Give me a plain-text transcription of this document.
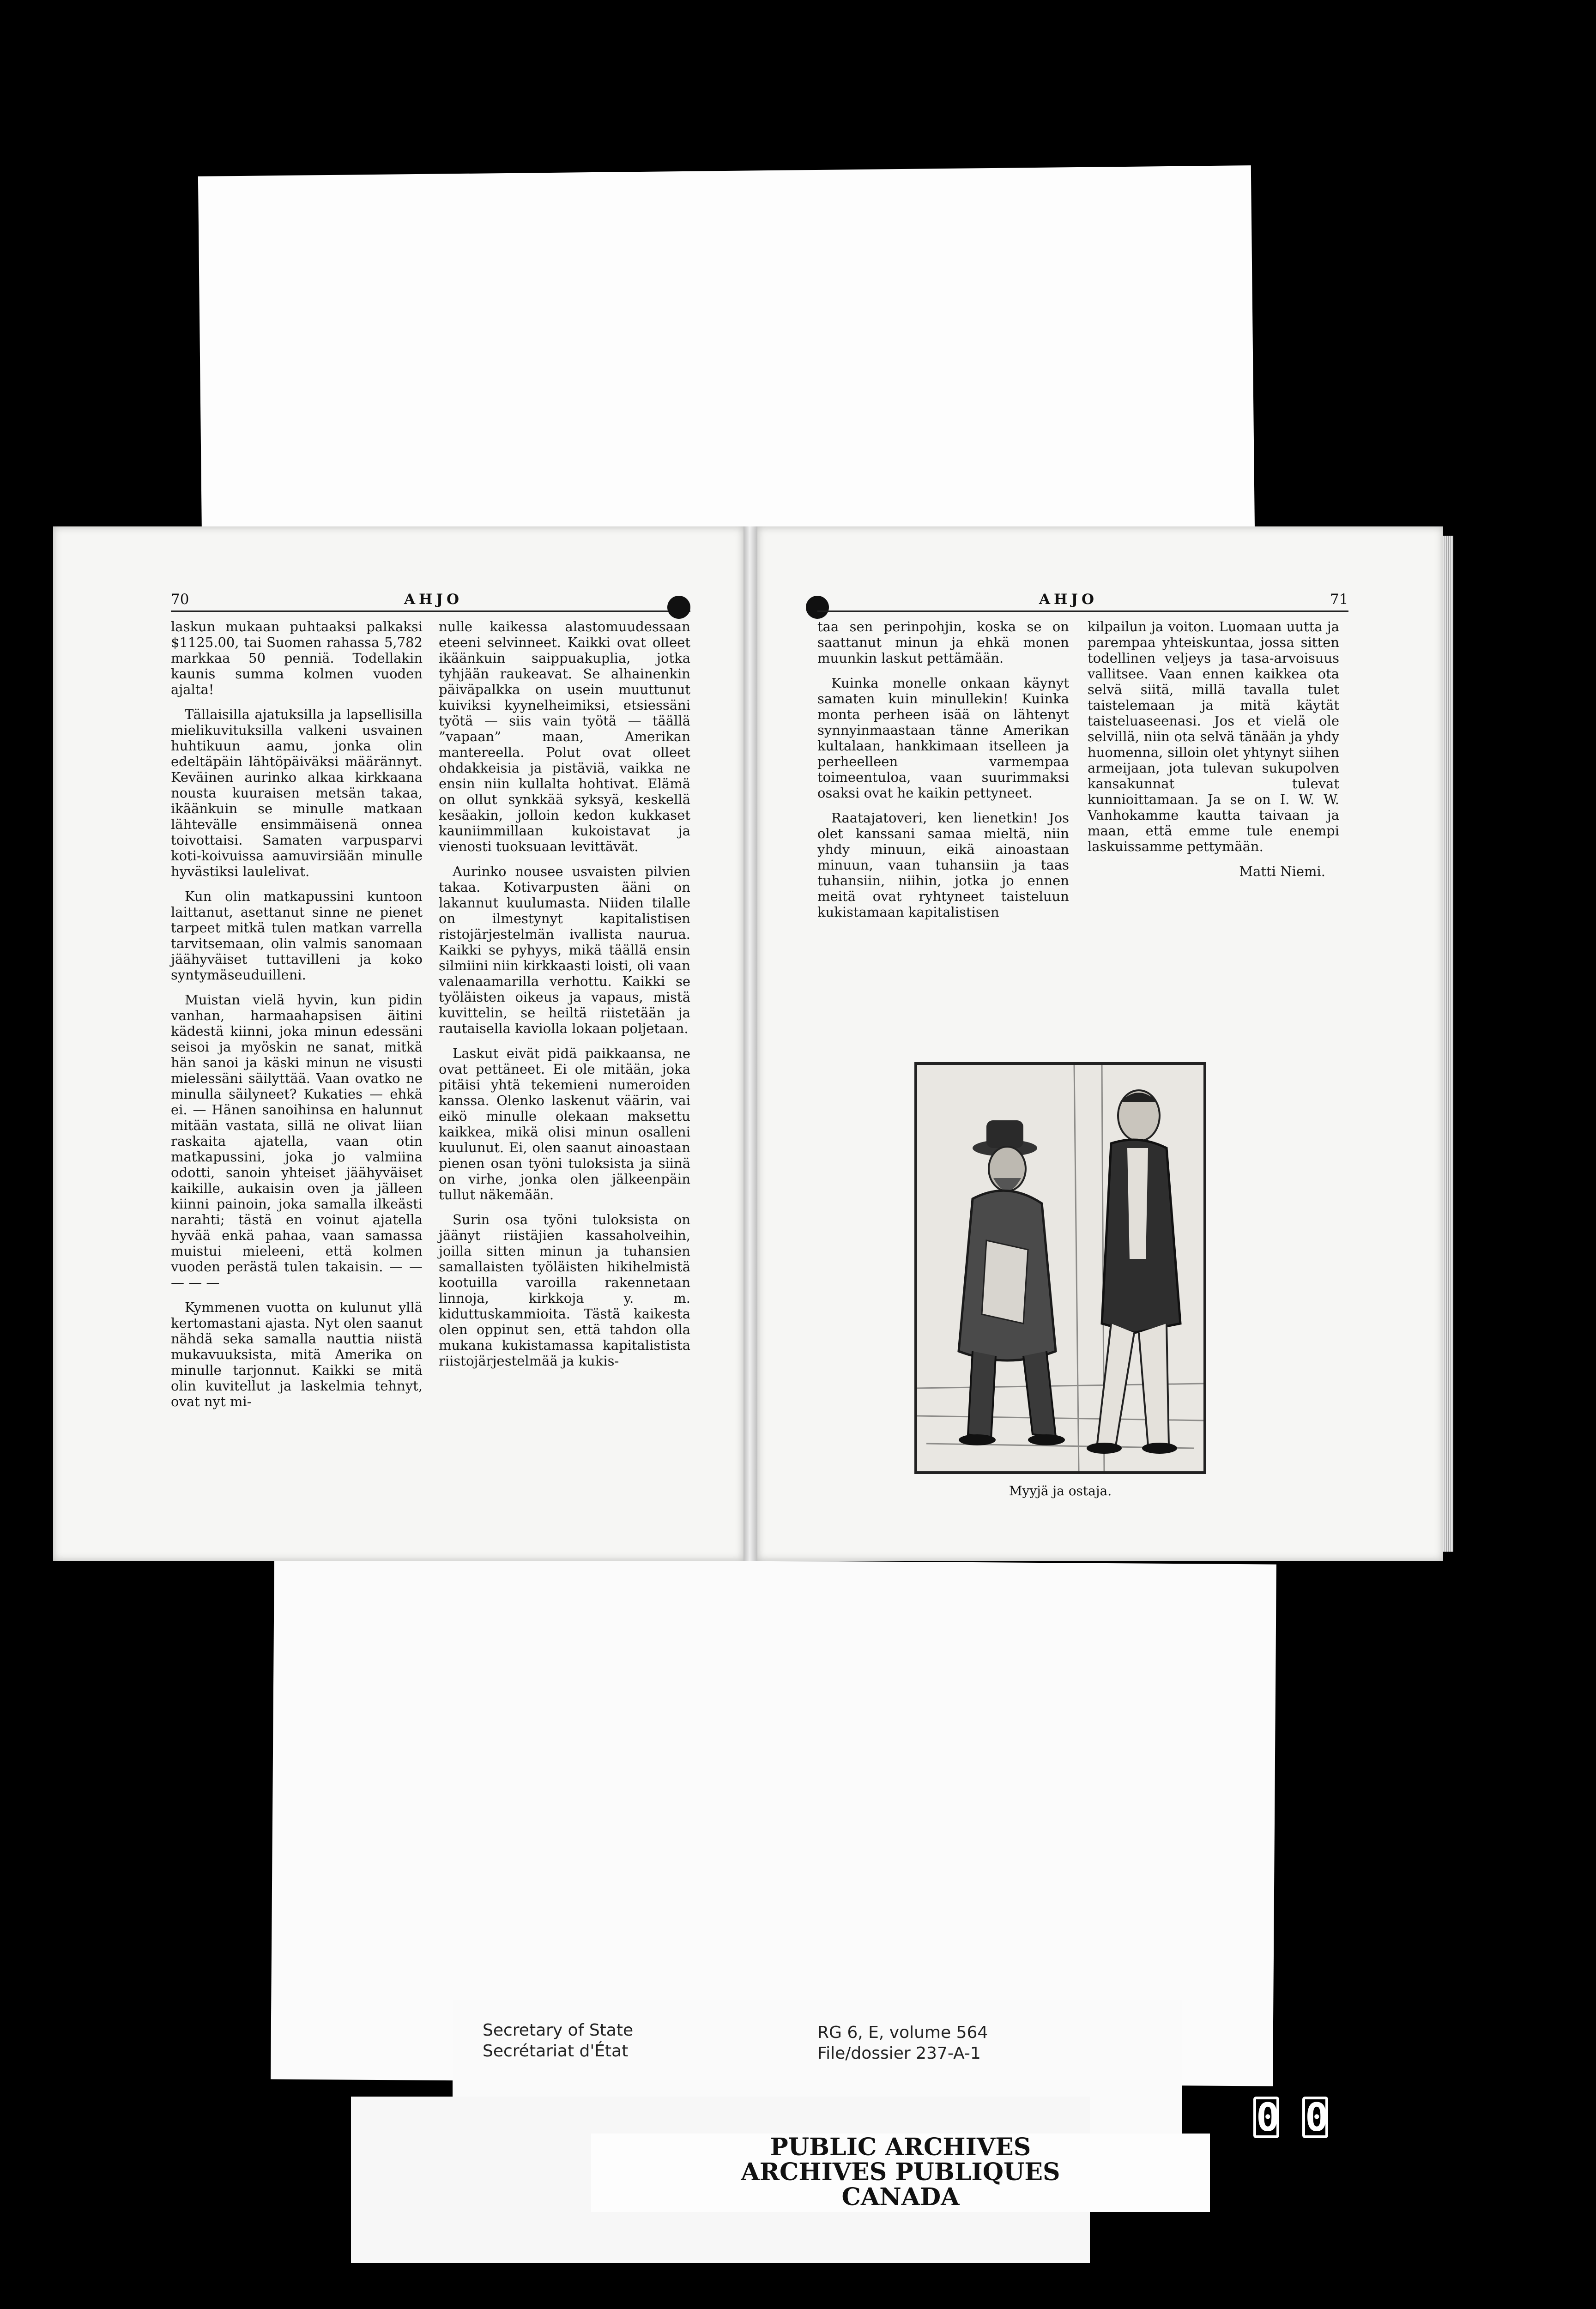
70	AHJO

laskun mukaan puhtaaksi palkaksi $1125.00, tai Suomen rahassa 5,782 markkaa 50 penniä. Todellakin kaunis summa kolmen vuoden ajalta!

Tällaisilla ajatuksilla ja lapsellisilla mielikuvituksilla valkeni usvainen huhtikuun aamu, jonka olin edeltäpäin lähtöpäiväksi määrännyt. Keväinen aurinko alkaa kirkkaana nousta kuuraisen metsän takaa, ikäänkuin se minulle matkaan lähtevälle ensimmäisenä onnea toivottaisi. Samaten varpusparvi koti-koivuissa aamuvirsiään minulle hyvästiksi laulelivat.

Kun olin matkapussini kuntoon laittanut, asettanut sinne ne pienet tarpeet mitkä tulen matkan varrella tarvitsemaan, olin valmis sanomaan jäähyväiset tuttavilleni ja koko syntymäseuduilleni.

Muistan vielä hyvin, kun pidin vanhan, harmaahapsisen äitini kädestä kiinni, joka minun edessäni seisoi ja myöskin ne sanat, mitkä hän sanoi ja käski minun ne visusti mielessäni säilyttää. Vaan ovatko ne minulla säilyneet? Kukaties — ehkä ei. — Hänen sanoihinsa en halunnut mitään vastata, sillä ne olivat liian raskaita ajatella, vaan otin matkapussini, joka jo valmiina odotti, sanoin yhteiset jäähyväiset kaikille, aukaisin oven ja jälleen kiinni painoin, joka samalla ilkeästi narahti; tästä en voinut ajatella hyvää enkä pahaa, vaan samassa muistui mieleeni, että kolmen vuoden perästä tulen takaisin. — — — — —

Kymmenen vuotta on kulunut yllä kertomastani ajasta. Nyt olen saanut nähdä seka samalla nauttia niistä mukavuuksista, mitä Amerika on minulle tarjonnut. Kaikki se mitä olin kuvitellut ja laskelmia tehnyt, ovat nyt mi-

nulle kaikessa alastomuudessaan eteeni selvinneet. Kaikki ovat olleet ikäänkuin saippuakuplia, jotka tyhjään raukeavat. Se alhainenkin päiväpalkka on usein muuttunut kuiviksi kyynelheimiksi, etsiessäni työtä — siis vain työtä — täällä ”vapaan” maan, Amerikan mantereella. Polut ovat olleet ohdakkeisia ja pistäviä, vaikka ne ensin niin kullalta hohtivat. Elämä on ollut synkkää syksyä, keskellä kesäakin, jolloin kedon kukkaset kauniimmillaan kukoistavat ja vienosti tuoksuaan levittävät.

Aurinko nousee usvaisten pilvien takaa. Kotivarpusten ääni on lakannut kuulumasta. Niiden tilalle on ilmestynyt kapitalistisen ristojärjestelmän ivallista naurua. Kaikki se pyhyys, mikä täällä ensin silmiini niin kirkkaasti loisti, oli vaan valenaamarilla verhottu. Kaikki se työläisten oikeus ja vapaus, mistä kuvittelin, se heiltä riistetään ja rautaisella kaviolla lokaan poljetaan.

Laskut eivät pidä paikkaansa, ne ovat pettäneet. Ei ole mitään, joka pitäisi yhtä tekemieni numeroiden kanssa. Olenko laskenut väärin, vai eikö minulle olekaan maksettu kaikkea, mikä olisi minun osalleni kuulunut. Ei, olen saanut ainoastaan pienen osan työni tuloksista ja siinä on virhe, jonka olen jälkeenpäin tullut näkemään.

Surin osa työni tuloksista on jäänyt riistäjien kassaholveihin, joilla sitten minun ja tuhansien samallaisten työläisten hikihelmistä kootuilla varoilla rakennetaan linnoja, kirkkoja y. m. kiduttuskammioita. Tästä kaikesta olen oppinut sen, että tahdon olla mukana kukistamassa kapitalistista riistojärjestelmää ja kukis-

AHJO	71

taa sen perinpohjin, koska se on saattanut minun ja ehkä monen muunkin laskut pettämään.

Kuinka monelle onkaan käynyt samaten kuin minullekin! Kuinka monta perheen isää on lähtenyt synnyinmaastaan tänne Amerikan kultalaan, hankkimaan itselleen ja perheelleen varmempaa toimeentuloa, vaan suurimmaksi osaksi ovat he kaikin pettyneet.

Raatajatoveri, ken lienetkin! Jos olet kanssani samaa mieltä, niin yhdy minuun, eikä ainoastaan minuun, vaan tuhansiin ja taas tuhansiin, niihin, jotka jo ennen meitä ovat ryhtyneet taisteluun kukistamaan kapitalistisen

kilpailun ja voiton. Luomaan uutta ja parempaa yhteiskuntaa, jossa sitten todellinen veljeys ja tasa-arvoisuus vallitsee. Vaan ennen kaikkea ota selvä siitä, millä tavalla tulet taistelemaan ja mitä käytät taisteluaseenasi. Jos et vielä ole selvillä, niin ota selvä tänään ja yhdy huomenna, silloin olet yhtynyt siihen armeijaan, jota tulevan sukupolven kansakunnat tulevat kunnioittamaan. Ja se on I. W. W. Vanhokamme kautta taivaan ja maan, että emme tule enempi laskuissamme pettymään.

Matti Niemi.
Myyjä ja ostaja.
Secretary of State
Secrétariat d'État
RG 6, E, volume 564
File/dossier 237-A-1
PUBLIC ARCHIVES
ARCHIVES PUBLIQUES
CANADA
0 0
